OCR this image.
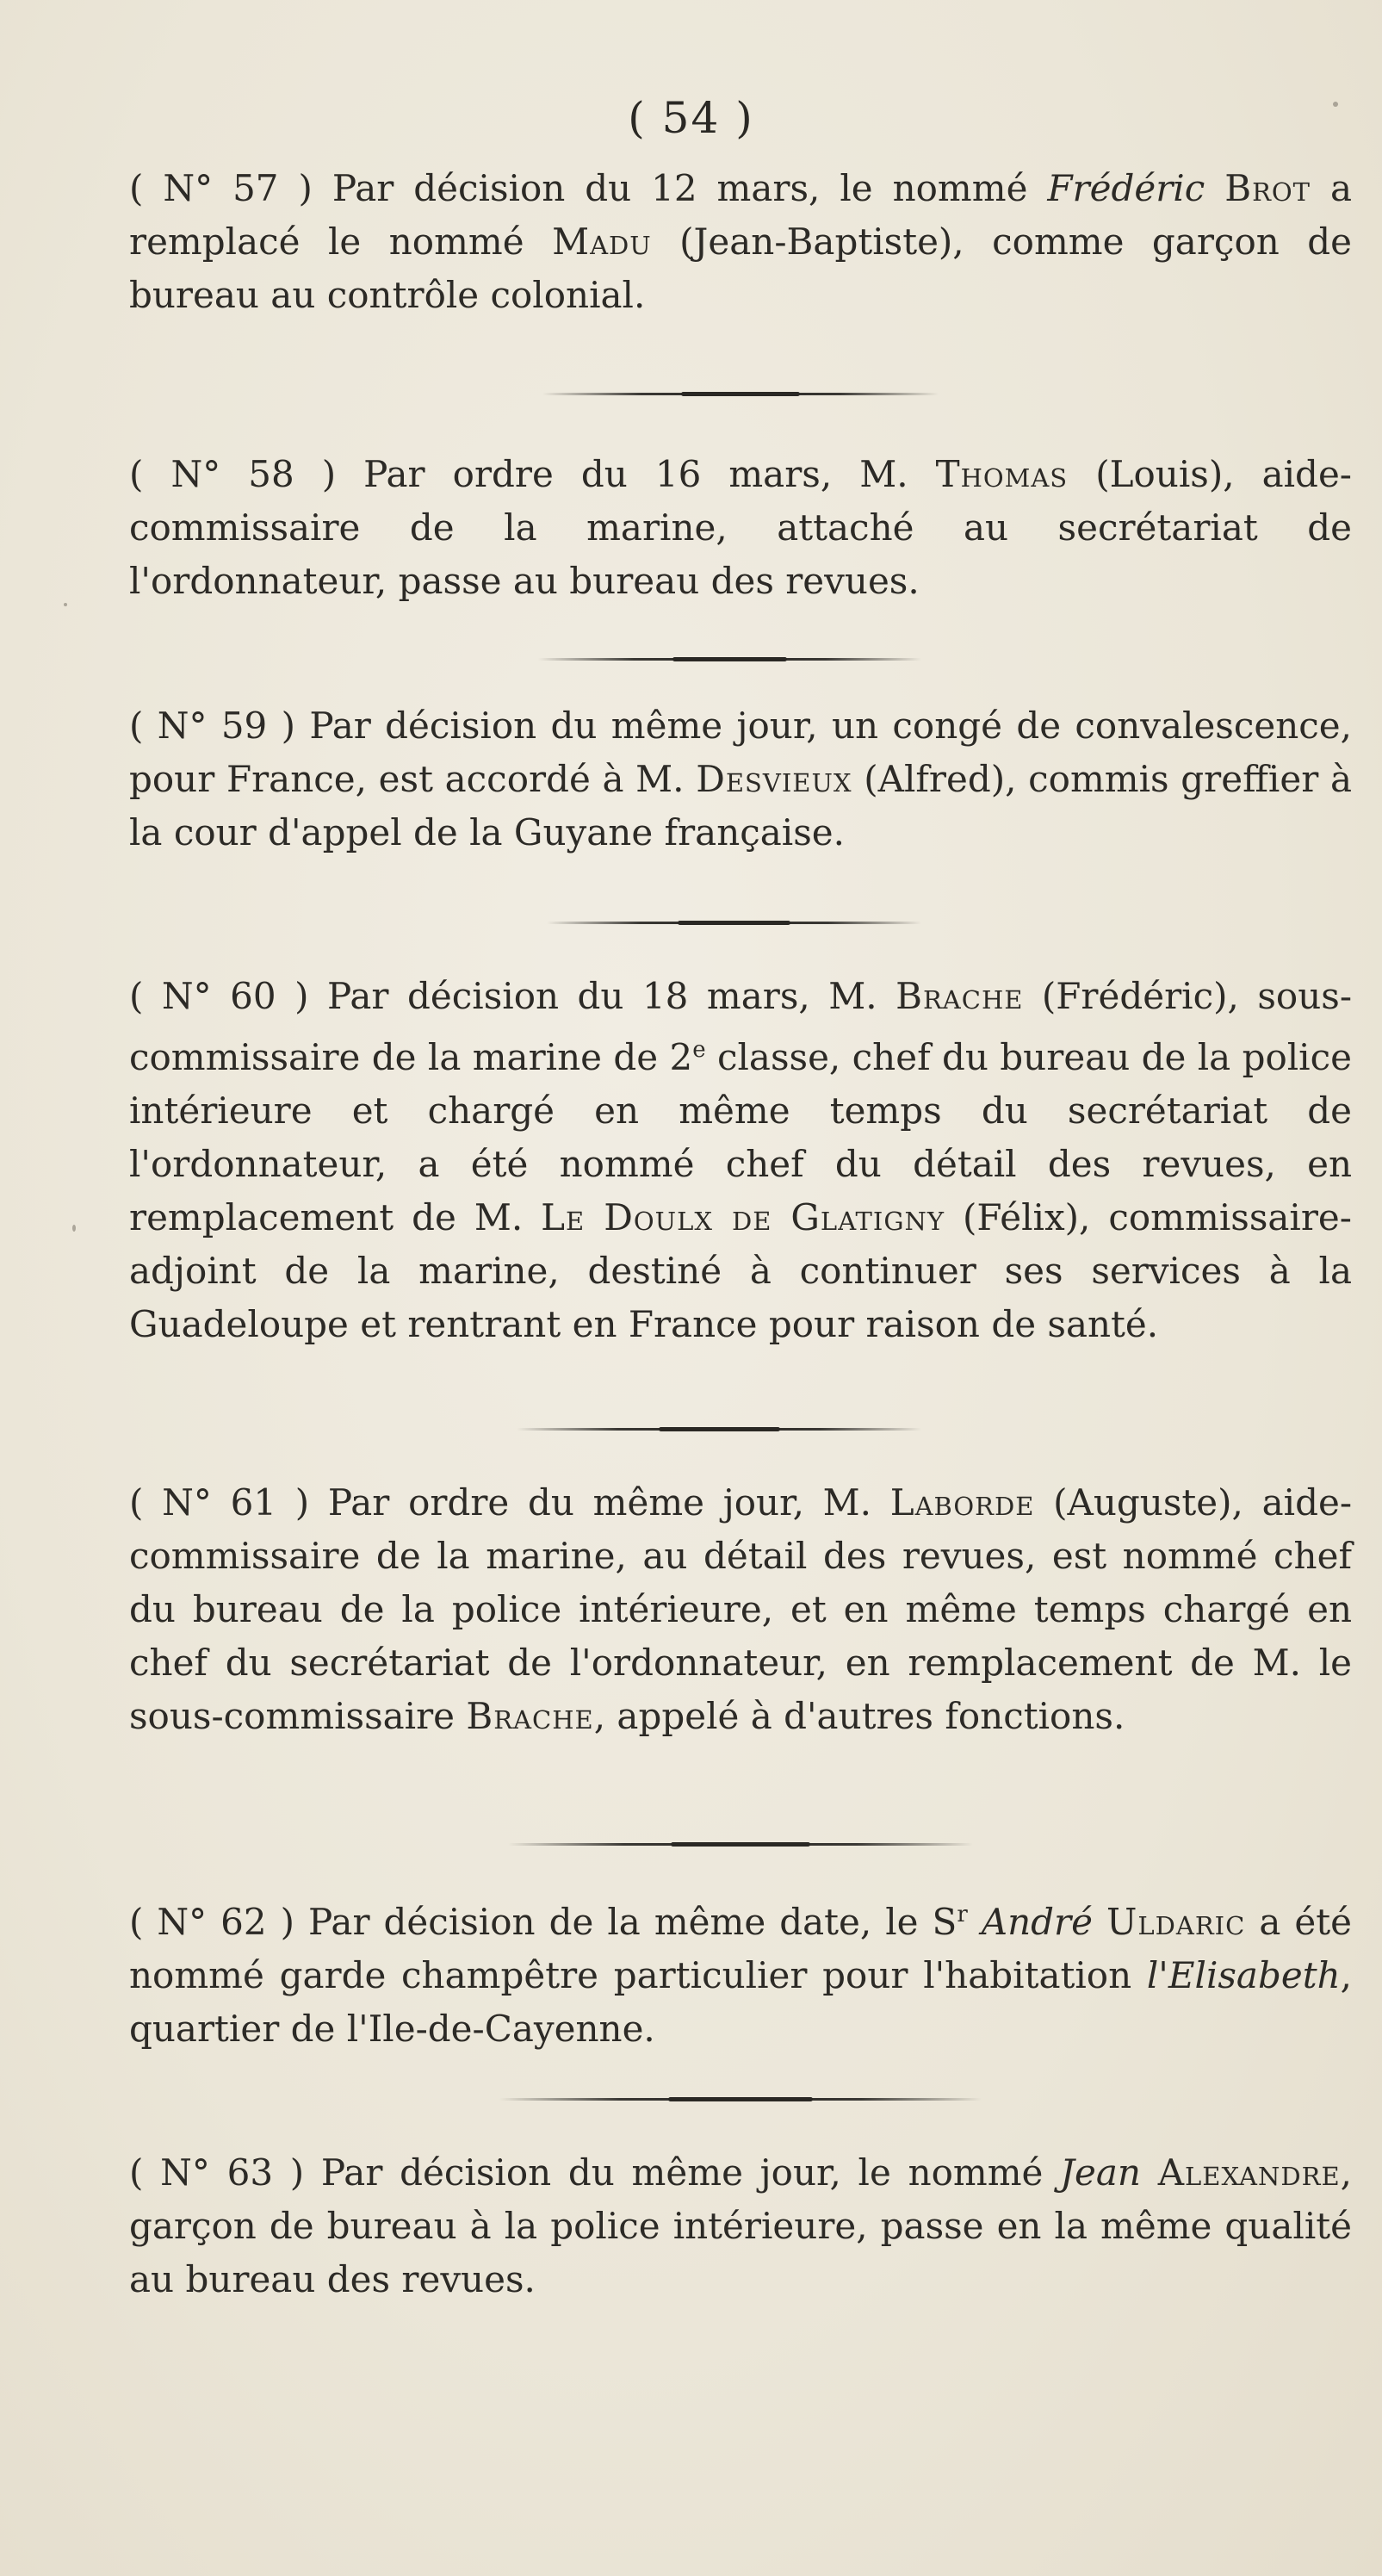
( 54 )
( N° 57 ) Par décision du 12 mars, le nommé Frédéric Brot a remplacé le nommé Madu (Jean-Baptiste), comme garçon de bureau au contrôle colonial.
( N° 58 ) Par ordre du 16 mars, M. Thomas (Louis), aide-commissaire de la marine, attaché au secrétariat de l'ordonnateur, passe au bureau des revues.
( N° 59 ) Par décision du même jour, un congé de convalescence, pour France, est accordé à M. Desvieux (Alfred), commis greffier à la cour d'appel de la Guyane française.
( N° 60 ) Par décision du 18 mars, M. Brache (Frédéric), sous-commissaire de la marine de 2e classe, chef du bureau de la police intérieure et chargé en même temps du secrétariat de l'ordonnateur, a été nommé chef du détail des revues, en remplacement de M. Le Doulx de Glatigny (Félix), commissaire-adjoint de la marine, destiné à continuer ses services à la Guadeloupe et rentrant en France pour raison de santé.
( N° 61 ) Par ordre du même jour, M. Laborde (Auguste), aide-commissaire de la marine, au détail des revues, est nommé chef du bureau de la police intérieure, et en même temps chargé en chef du secrétariat de l'ordonnateur, en remplacement de M. le sous-commissaire Brache, appelé à d'autres fonctions.
( N° 62 ) Par décision de la même date, le $S^r$ André Uldaric a été nommé garde champêtre particulier pour l'habitation l'Elisabeth, quartier de l'Ile-de-Cayenne.
( N° 63 ) Par décision du même jour, le nommé Jean Alexandre, garçon de bureau à la police intérieure, passe en la même qualité au bureau des revues.
